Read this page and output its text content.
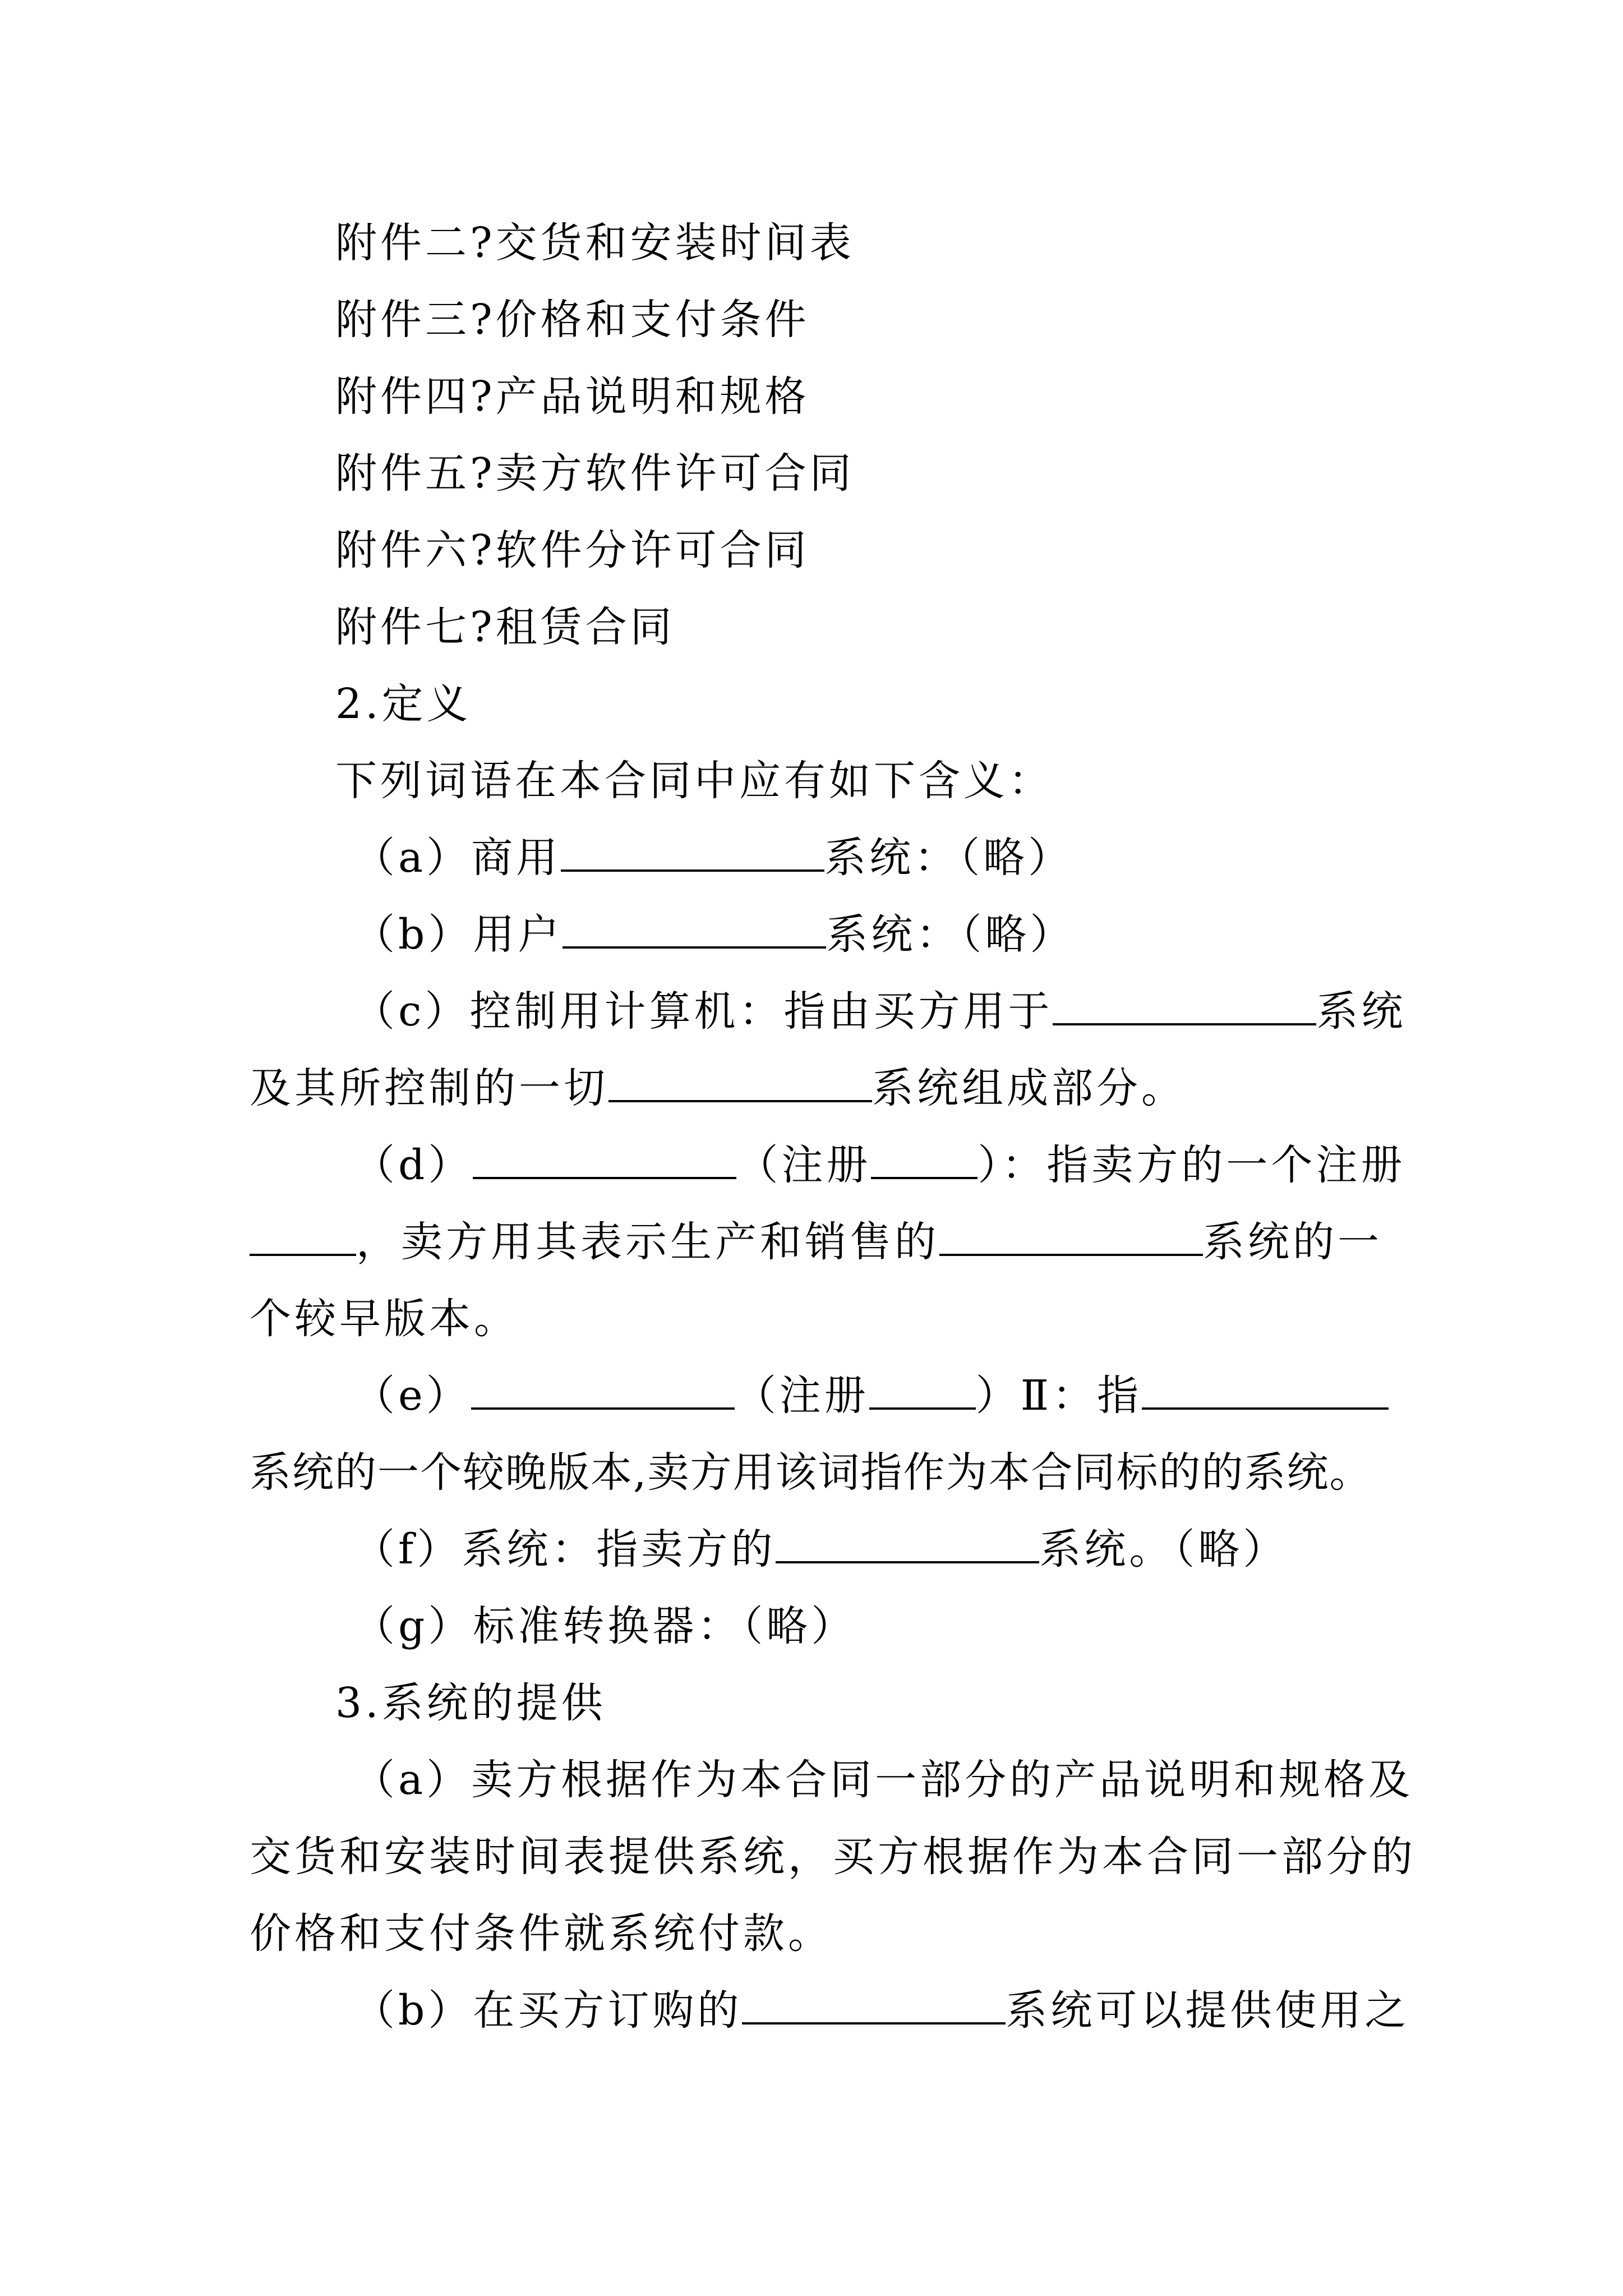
附件二?交货和安装时间表
附件三?价格和支付条件
附件四?产品说明和规格
附件五?卖方软件许可合同
附件六?软件分许可合同
附件七?租赁合同
2.定义
下列词语在本合同中应有如下含义：
（a）商用	系统：（略）
（b）用户	系统：（略）
（c）控制用计算机：指由买方用于	系统
及其所控制的一切	系统组成部分。
（d）	（注册	）：指卖方的一个注册
，卖方用其表示生产和销售的	系统的一
个较早版本。
（e）	（注册	）Ⅱ：指
系统的一个较晚版本,卖方用该词指作为本合同标的的系统。
（f）系统：指卖方的	系统。（略）
（g）标准转换器：（略）
3.系统的提供
（a）卖方根据作为本合同一部分的产品说明和规格及
交货和安装时间表提供系统，买方根据作为本合同一部分的
价格和支付条件就系统付款。
（b）在买方订购的	系统可以提供使用之
